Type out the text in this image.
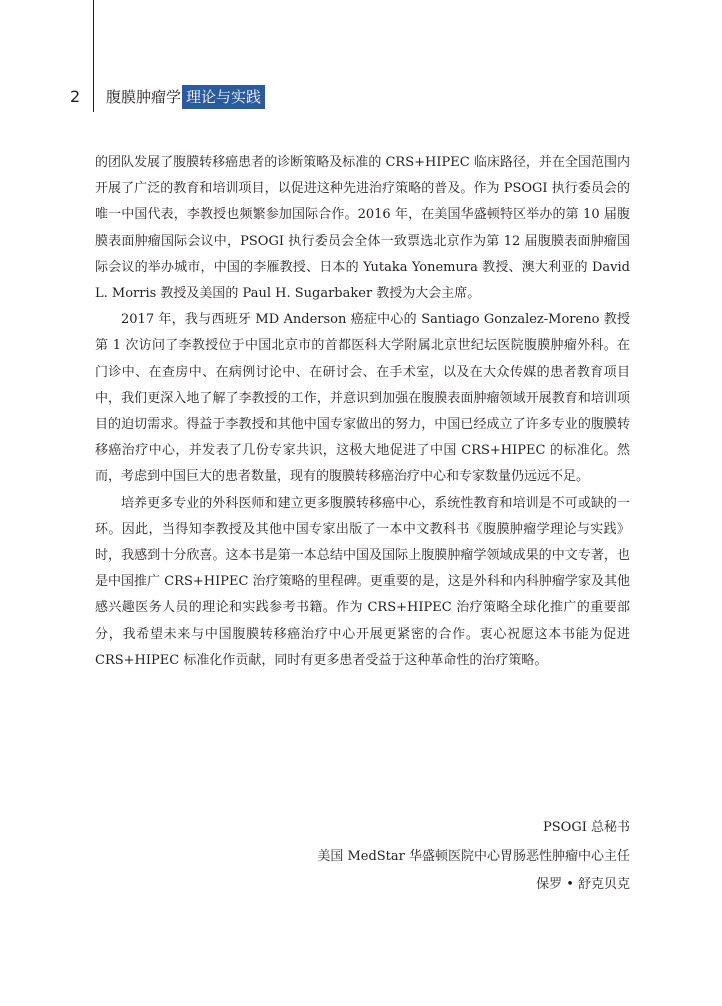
2 腹膜肿瘤学 理论与实践

的团队发展了腹膜转移癌患者的诊断策略及标准的 CRS+HIPEC 临床路径，并在全国范围内开展了广泛的教育和培训项目，以促进这种先进治疗策略的普及。作为 PSOGI 执行委员会的唯一中国代表，李教授也频繁参加国际合作。2016 年，在美国华盛顿特区举办的第 10 届腹膜表面肿瘤国际会议中，PSOGI 执行委员会全体一致票选北京作为第 12 届腹膜表面肿瘤国际会议的举办城市，中国的李雁教授、日本的 Yutaka Yonemura 教授、澳大利亚的 David L. Morris 教授及美国的 Paul H. Sugarbaker 教授为大会主席。

2017 年，我与西班牙 MD Anderson 癌症中心的 Santiago Gonzalez-Moreno 教授第 1 次访问了李教授位于中国北京市的首都医科大学附属北京世纪坛医院腹膜肿瘤外科。在门诊中、在查房中、在病例讨论中、在研讨会、在手术室，以及在大众传媒的患者教育项目中，我们更深入地了解了李教授的工作，并意识到加强在腹膜表面肿瘤领域开展教育和培训项目的迫切需求。得益于李教授和其他中国专家做出的努力，中国已经成立了许多专业的腹膜转移癌治疗中心，并发表了几份专家共识，这极大地促进了中国 CRS+HIPEC 的标准化。然而，考虑到中国巨大的患者数量，现有的腹膜转移癌治疗中心和专家数量仍远远不足。

培养更多专业的外科医师和建立更多腹膜转移癌中心，系统性教育和培训是不可或缺的一环。因此，当得知李教授及其他中国专家出版了一本中文教科书《腹膜肿瘤学理论与实践》时，我感到十分欣喜。这本书是第一本总结中国及国际上腹膜肿瘤学领域成果的中文专著，也是中国推广 CRS+HIPEC 治疗策略的里程碑。更重要的是，这是外科和内科肿瘤学家及其他感兴趣医务人员的理论和实践参考书籍。作为 CRS+HIPEC 治疗策略全球化推广的重要部分，我希望未来与中国腹膜转移癌治疗中心开展更紧密的合作。衷心祝愿这本书能为促进 CRS+HIPEC 标准化作贡献，同时有更多患者受益于这种革命性的治疗策略。

PSOGI 总秘书
美国 MedStar 华盛顿医院中心胃肠恶性肿瘤中心主任
保罗 • 舒克贝克
